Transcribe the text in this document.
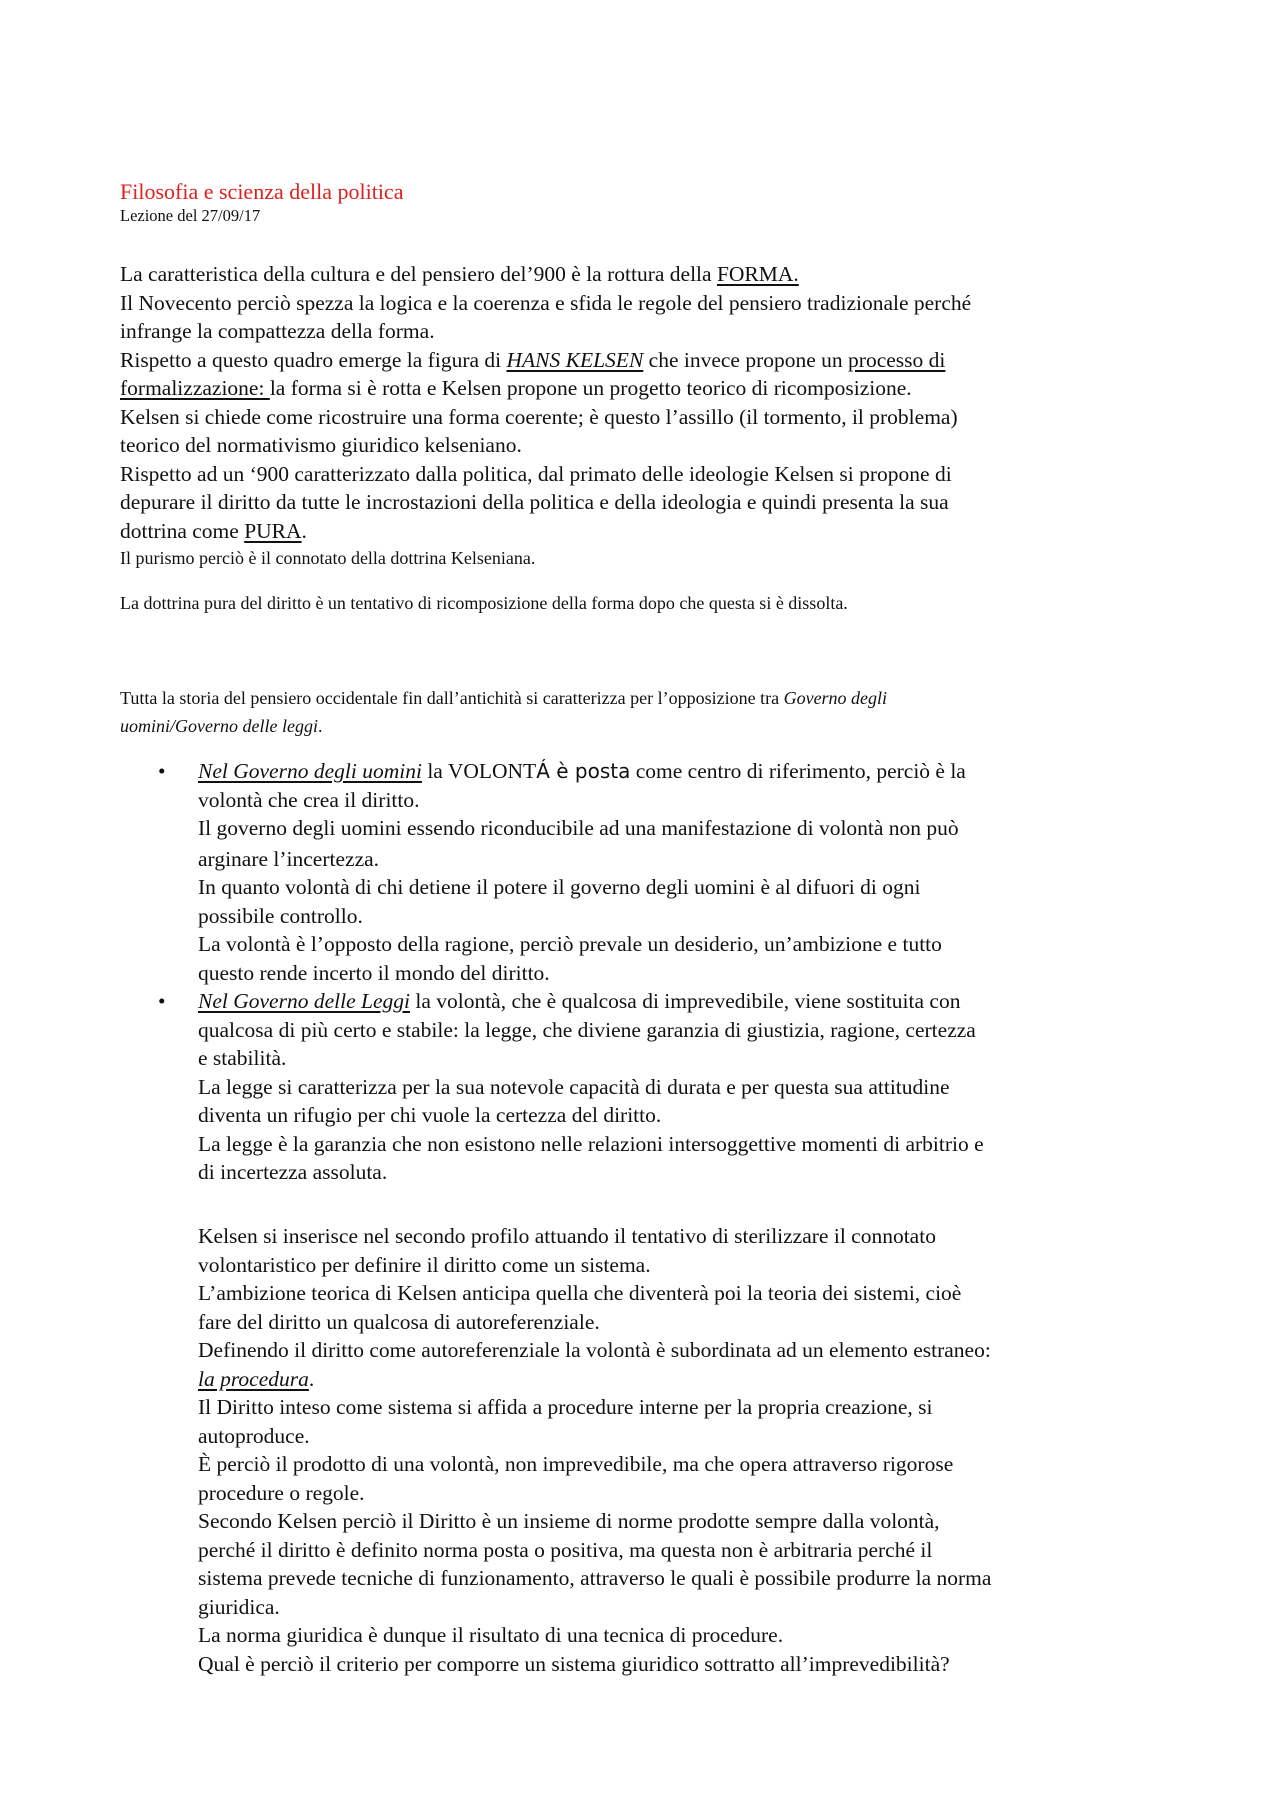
Filosofia e scienza della politica
Lezione del 27/09/17
La caratteristica della cultura e del pensiero del’900 è la rottura della FORMA.
Il Novecento perciò spezza la logica e la coerenza e sfida le regole del pensiero tradizionale perché
infrange la compattezza della forma.
Rispetto a questo quadro emerge la figura di HANS KELSEN che invece propone un processo di
formalizzazione: la forma si è rotta e Kelsen propone un progetto teorico di ricomposizione.
Kelsen si chiede come ricostruire una forma coerente; è questo l’assillo (il tormento, il problema)
teorico del normativismo giuridico kelseniano.
Rispetto ad un ‘900 caratterizzato dalla politica, dal primato delle ideologie Kelsen si propone di
depurare il diritto da tutte le incrostazioni della politica e della ideologia e quindi presenta la sua
dottrina come PURA.
Il purismo perciò è il connotato della dottrina Kelseniana.
La dottrina pura del diritto è un tentativo di ricomposizione della forma dopo che questa si è dissolta.
Tutta la storia del pensiero occidentale fin dall’antichità si caratterizza per l’opposizione tra Governo degli
uomini/Governo delle leggi.
• Nel Governo degli uomini la VOLONTÁ è posta come centro di riferimento, perciò è la
volontà che crea il diritto.
Il governo degli uomini essendo riconducibile ad una manifestazione di volontà non può
arginare l’incertezza.
In quanto volontà di chi detiene il potere il governo degli uomini è al difuori di ogni
possibile controllo.
La volontà è l’opposto della ragione, perciò prevale un desiderio, un’ambizione e tutto
questo rende incerto il mondo del diritto.
• Nel Governo delle Leggi la volontà, che è qualcosa di imprevedibile, viene sostituita con
qualcosa di più certo e stabile: la legge, che diviene garanzia di giustizia, ragione, certezza
e stabilità.
La legge si caratterizza per la sua notevole capacità di durata e per questa sua attitudine
diventa un rifugio per chi vuole la certezza del diritto.
La legge è la garanzia che non esistono nelle relazioni intersoggettive momenti di arbitrio e
di incertezza assoluta.
Kelsen si inserisce nel secondo profilo attuando il tentativo di sterilizzare il connotato
volontaristico per definire il diritto come un sistema.
L’ambizione teorica di Kelsen anticipa quella che diventerà poi la teoria dei sistemi, cioè
fare del diritto un qualcosa di autoreferenziale.
Definendo il diritto come autoreferenziale la volontà è subordinata ad un elemento estraneo:
la procedura.
Il Diritto inteso come sistema si affida a procedure interne per la propria creazione, si
autoproduce.
È perciò il prodotto di una volontà, non imprevedibile, ma che opera attraverso rigorose
procedure o regole.
Secondo Kelsen perciò il Diritto è un insieme di norme prodotte sempre dalla volontà,
perché il diritto è definito norma posta o positiva, ma questa non è arbitraria perché il
sistema prevede tecniche di funzionamento, attraverso le quali è possibile produrre la norma
giuridica.
La norma giuridica è dunque il risultato di una tecnica di procedure.
Qual è perciò il criterio per comporre un sistema giuridico sottratto all’imprevedibilità?
